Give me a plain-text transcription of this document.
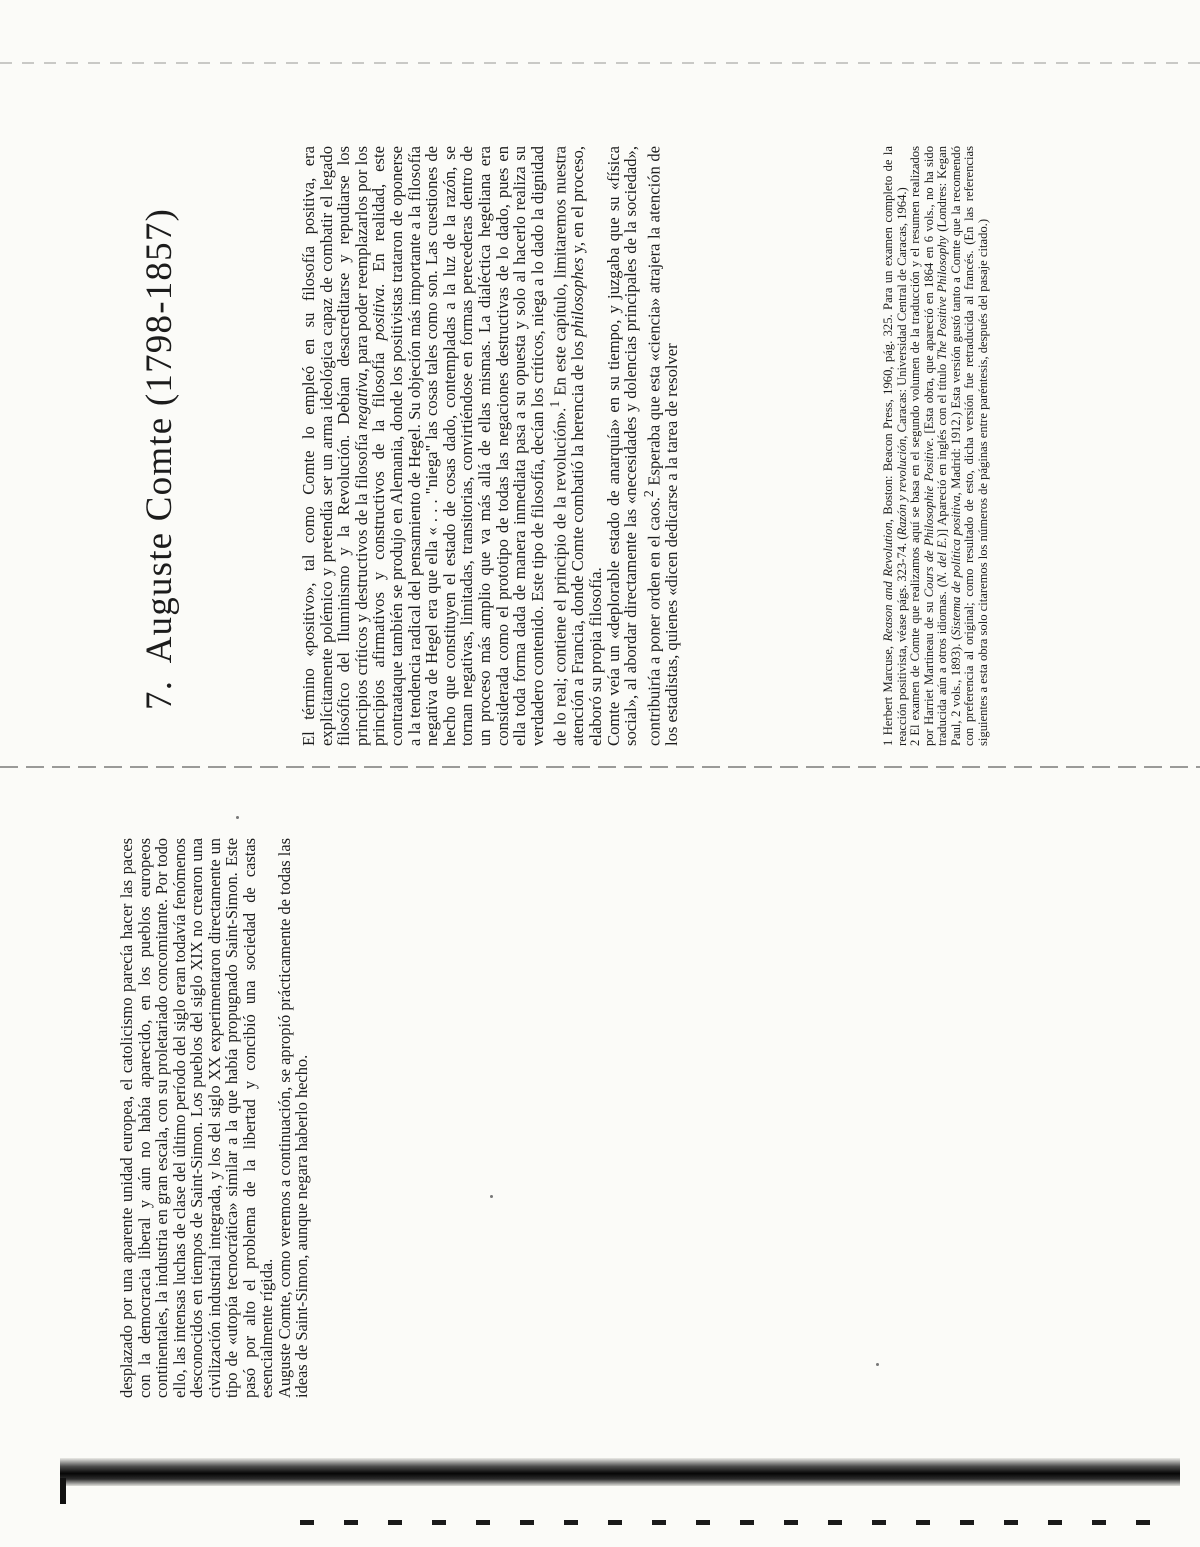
desplazado por una aparente unidad europea, el catolicismo parecía hacer las paces con la democracia liberal y aún no había aparecido, en los pueblos europeos continentales, la industria en gran escala, con su proletariado concomitante. Por todo ello, las intensas luchas de clase del último período del siglo eran todavía fenómenos desconocidos en tiempos de Saint-Simon. Los pueblos del siglo XIX no crearon una civilización industrial integrada, y los del siglo XX experimentaron directamente un tipo de «utopía tecnocrática» similar a la que había propugnado Saint-Simon. Este pasó por alto el problema de la libertad y concibió una sociedad de castas esencialmente rígida.

Auguste Comte, como veremos a continuación, se apropió prácticamente de todas las ideas de Saint-Simon, aunque negara haberlo hecho.

7. Auguste Comte (1798-1857)	El término «positivo», tal como Comte lo empleó en su filosofía positiva, era explícitamente polémico y pretendía ser un arma ideológica capaz de combatir el legado filosófico del Iluminismo y la Revolución. Debían desacreditarse y repudiarse los principios críticos y destructivos de la filosofía negativa, para poder reemplazarlos por los principios afirmativos y constructivos de la filosofía positiva. En realidad, este contraataque también se produjo en Alemania, donde los positivistas trataron de oponerse a la tendencia radical del pensamiento de Hegel. Su objeción más importante a la filosofía negativa de Hegel era que ella « . . . "niega" las cosas tales como son. Las cuestiones de hecho que constituyen el estado de cosas dado, contempladas a la luz de la razón, se tornan negativas, limitadas, transitorias, convirtiéndose en formas perecederas dentro de un proceso más amplio que va más allá de ellas mismas. La dialéctica hegeliana era considerada como el prototipo de todas las negaciones destructivas de lo dado, pues en ella toda forma dada de manera inmediata pasa a su opuesta y solo al hacerlo realiza su verdadero contenido. Este tipo de filosofía, decían los críticos, niega a lo dado la dignidad de lo real; contiene el principio de la revolución».$^1$ En este capítulo, limitaremos nuestra atención a Francia, donde Comte combatió la herencia de los philosophes y, en el proceso, elaboró su propia filosofía.

Comte veía un «deplorable estado de anarquía» en su tiempo, y juzgaba que su «física social», al abordar directamente las «necesidades y dolencias principales de la sociedad», contribuiría a poner orden en el caos.$^2$ Esperaba que esta «ciencia» atrajera la atención de los estadistas, quienes «dicen dedicarse a la tarea de resolver	1 Herbert Marcuse, Reason and Revolution, Boston: Beacon Press, 1960, pág. 325. Para un examen completo de la reacción positivista, véase págs. 323-74. (Razón y revolución, Caracas: Universidad Central de Caracas, 1964.) 2 El examen de Comte que realizamos aquí se basa en el segundo volumen de la traducción y el resumen realizados por Harriet Martineau de su Cours de Philosophie Positive. [Esta obra, que apareció en 1864 en 6 vols., no ha sido traducida aún a otros idiomas. (N. del E.)] Apareció en inglés con el título The Positive Philosophy (Londres: Kegan Paul, 2 vols., 1893). (Sistema de política positiva, Madrid: 1912.) Esta versión gustó tanto a Comte que la recomendó con preferencia al original; como resultado de esto, dicha versión fue retraducida al francés. (En las referencias siguientes a esta obra solo citaremos los números de páginas entre paréntesis, después del pasaje citado.)
